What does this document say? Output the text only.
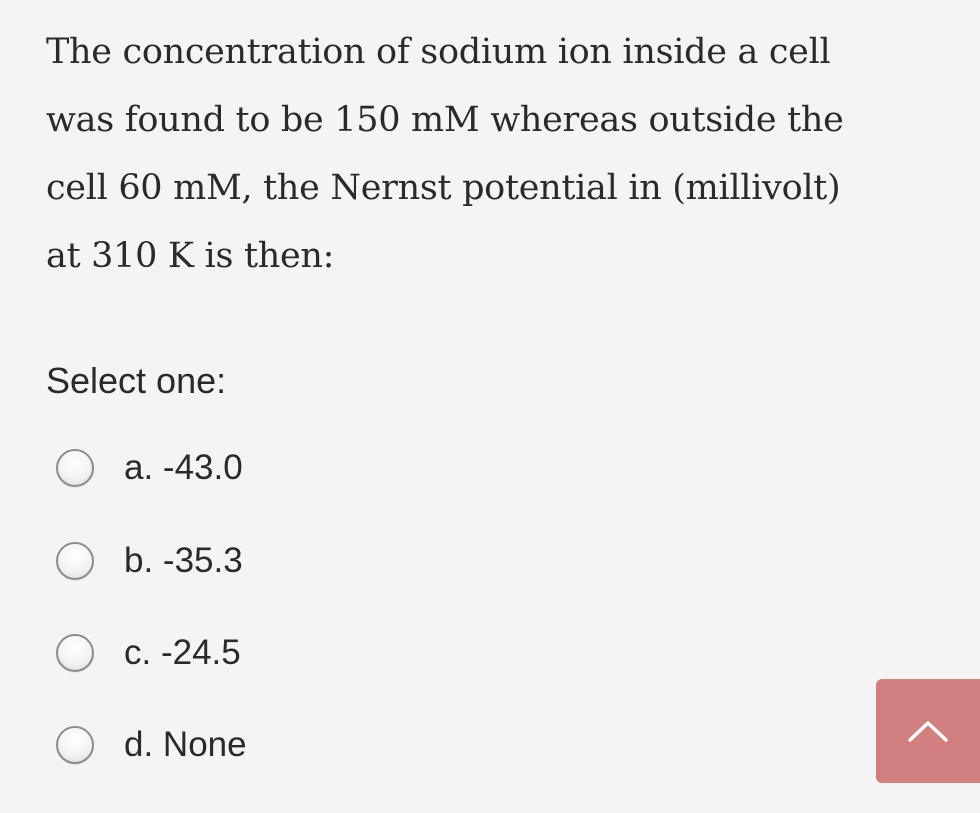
The concentration of sodium ion inside a cell
was found to be 150 mM whereas outside the
cell 60 mM, the Nernst potential in (millivolt)
at 310 K is then:
Select one:
a. -43.0
b. -35.3
c. -24.5
d. None
